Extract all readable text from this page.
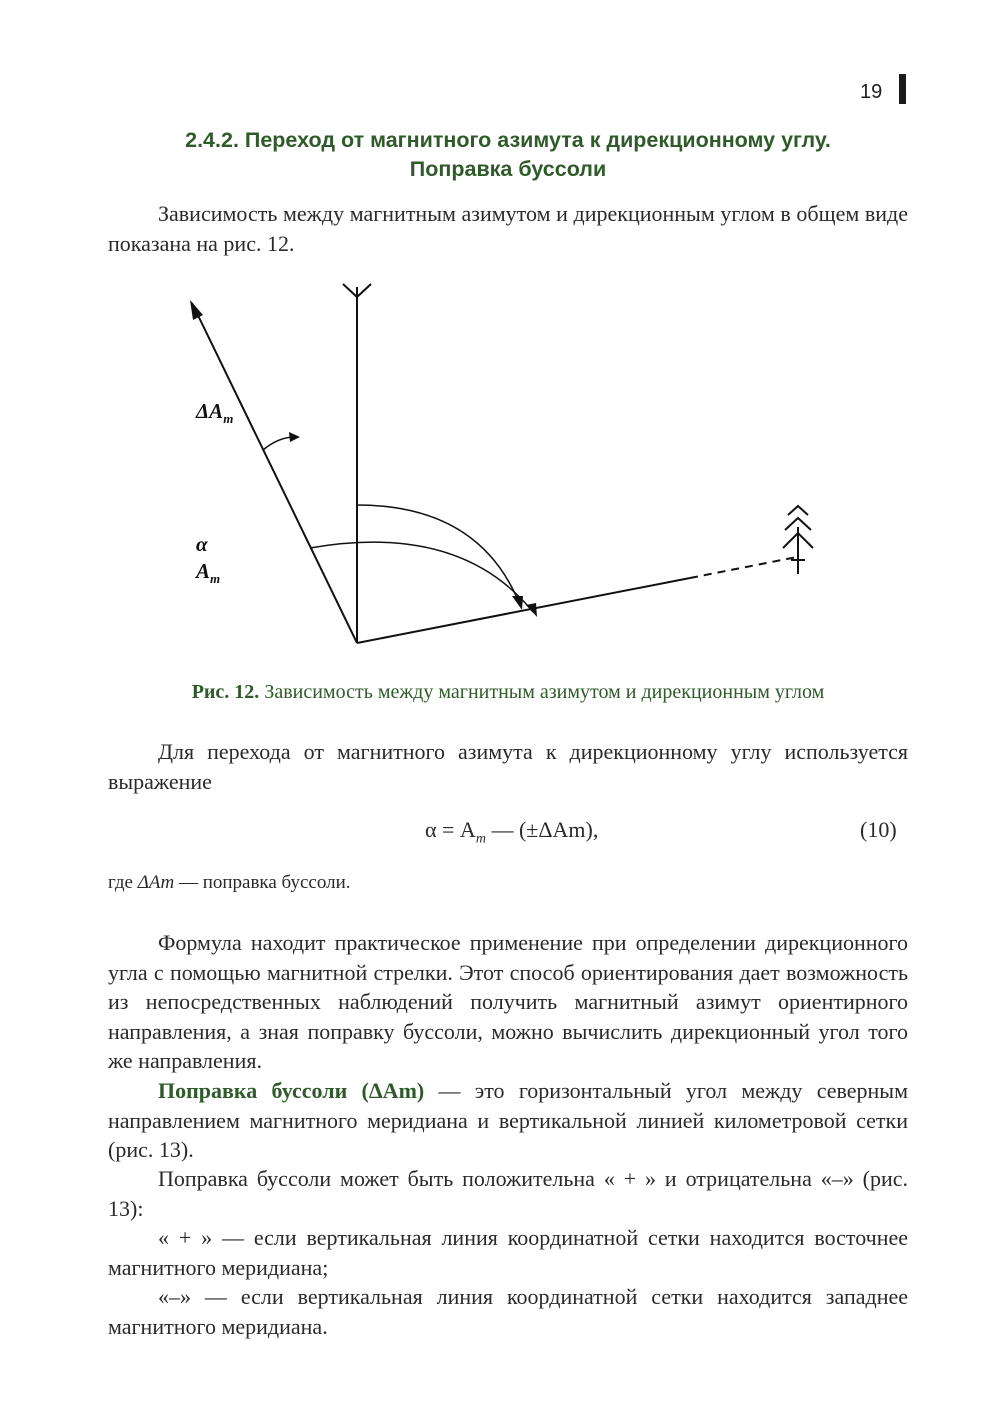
19
2.4.2. Переход от магнитного азимута к дирекционному углу.
Поправка буссоли
Зависимость между магнитным азимутом и дирекционным углом в общем виде показана на рис. 12.
$\Delta A_m$
α
$A_m$
Рис. 12. Зависимость между магнитным азимутом и дирекционным углом
Для перехода от магнитного азимута к дирекционному углу используется выражение
$\alpha = A_m$ — (±ΔAm),	(10)
где ΔAm — поправка буссоли.
Формула находит практическое применение при определении дирекционного угла с помощью магнитной стрелки. Этот способ ориентирования дает возможность из непосредственных наблюдений получить магнитный азимут ориентирного направления, а зная поправку буссоли, можно вычислить дирекционный угол того же направления.
Поправка буссоли (ΔAm) — это горизонтальный угол между северным направлением магнитного меридиана и вертикальной линией километровой сетки (рис. 13).
Поправка буссоли может быть положительна « + » и отрицательна «–» (рис. 13):
« + » — если вертикальная линия координатной сетки находится восточнее магнитного меридиана;
«–» — если вертикальная линия координатной сетки находится западнее магнитного меридиана.
